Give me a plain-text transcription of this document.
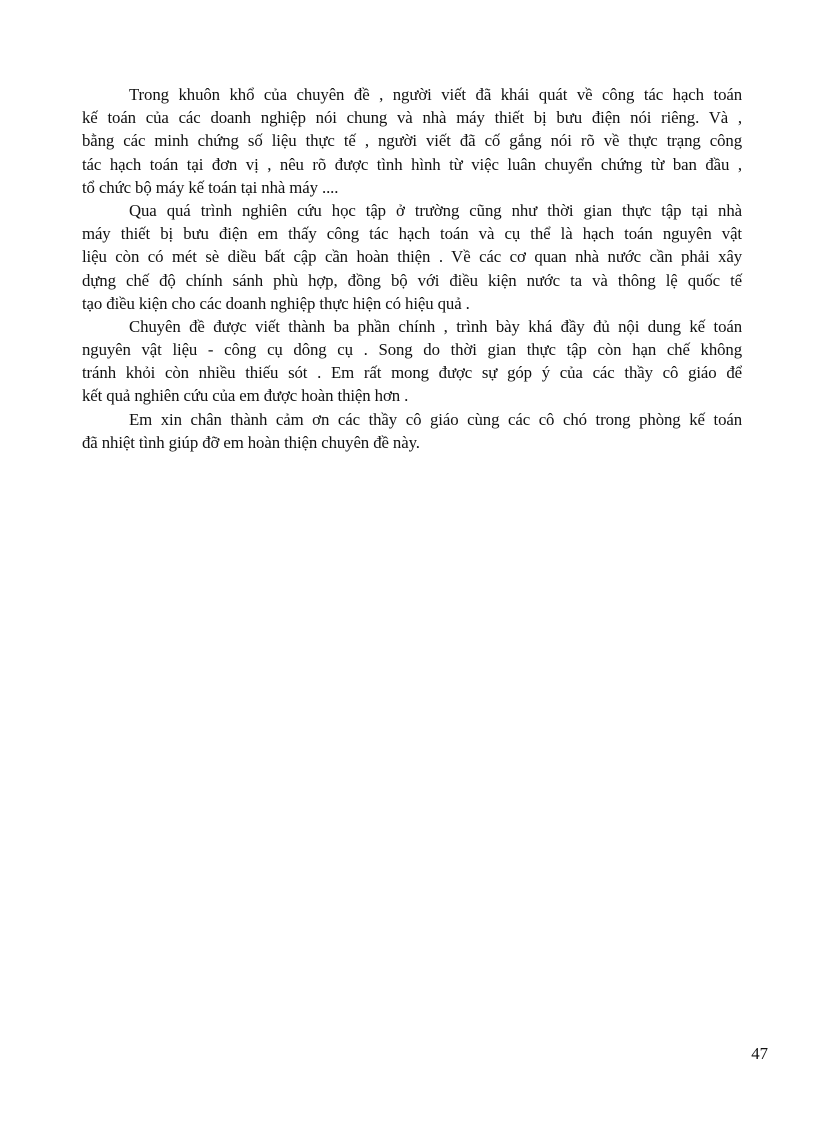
Trong khuôn khổ của chuyên đề , người viết đã khái quát về công tác hạch toán
kế toán của các doanh nghiệp nói chung và nhà máy thiết bị bưu điện nói riêng. Và ,
bằng các minh chứng số liệu thực tế , người viết đã cố gắng nói rõ về thực trạng công
tác hạch toán tại đơn vị , nêu rõ được tình hình từ việc luân chuyển chứng từ ban đầu ,
tổ chức bộ máy kế toán tại nhà máy ....
Qua quá trình nghiên cứu học tập ở trường cũng như thời gian thực tập tại nhà
máy thiết bị bưu điện em thấy công tác hạch toán và cụ thể là hạch toán nguyên vật
liệu còn có mét sè diều bất cập cần hoàn thiện . Về các cơ quan nhà nước cần phải xây
dựng chế độ chính sánh phù hợp, đồng bộ với điều kiện nước ta và thông lệ quốc tế
tạo điều kiện cho các doanh nghiệp thực hiện có hiệu quả .
Chuyên đề được viết thành ba phần chính , trình bày khá đầy đủ nội dung kế toán
nguyên vật liệu - công cụ dông cụ . Song do thời gian thực tập còn hạn chế không
tránh khỏi còn nhiều thiếu sót . Em rất mong được sự góp ý của các thầy cô giáo để
kết quả nghiên cứu của em được hoàn thiện hơn .
Em xin chân thành cảm ơn các thầy cô giáo cùng các cô chó trong phòng kế toán
đã nhiệt tình giúp đỡ em hoàn thiện chuyên đề này.
47
